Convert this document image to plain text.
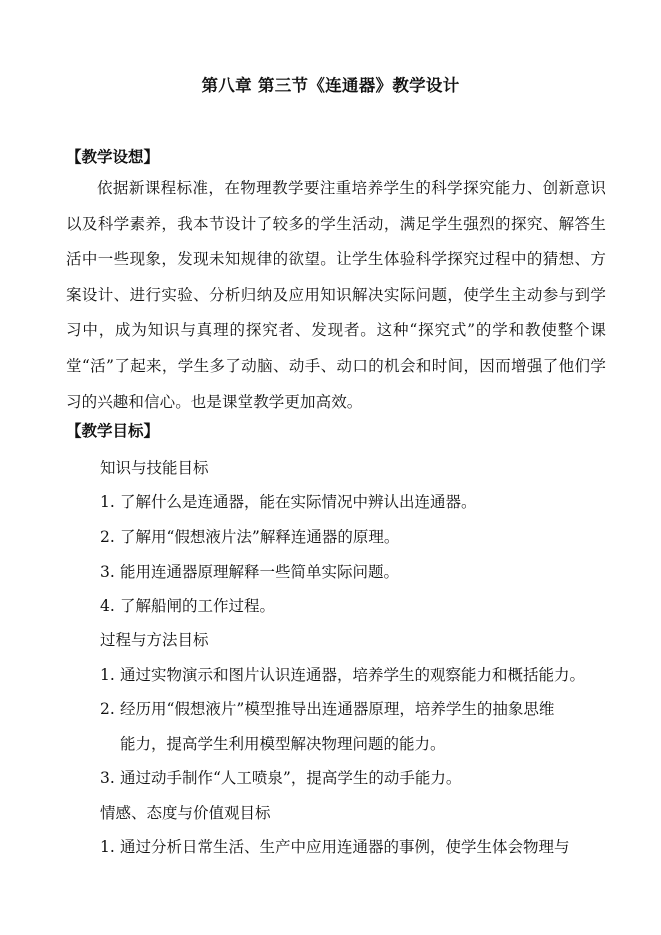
第八章 第三节《连通器》教学设计
【教学设想】
依据新课程标准，在物理教学要注重培养学生的科学探究能力、创新意识以及科学素养，我本节设计了较多的学生活动，满足学生强烈的探究、解答生活中一些现象，发现未知规律的欲望。让学生体验科学探究过程中的猜想、方案设计、进行实验、分析归纳及应用知识解决实际问题，使学生主动参与到学习中，成为知识与真理的探究者、发现者。这种“探究式”的学和教使整个课堂“活”了起来，学生多了动脑、动手、动口的机会和时间，因而增强了他们学习的兴趣和信心。也是课堂教学更加高效。
【教学目标】
知识与技能目标
1. 了解什么是连通器，能在实际情况中辨认出连通器。
2. 了解用“假想液片法”解释连通器的原理。
3. 能用连通器原理解释一些简单实际问题。
4. 了解船闸的工作过程。
过程与方法目标
1. 通过实物演示和图片认识连通器，培养学生的观察能力和概括能力。
2. 经历用“假想液片”模型推导出连通器原理，培养学生的抽象思维
能力，提高学生利用模型解决物理问题的能力。
3. 通过动手制作“人工喷泉”，提高学生的动手能力。
情感、态度与价值观目标
1. 通过分析日常生活、生产中应用连通器的事例，使学生体会物理与
